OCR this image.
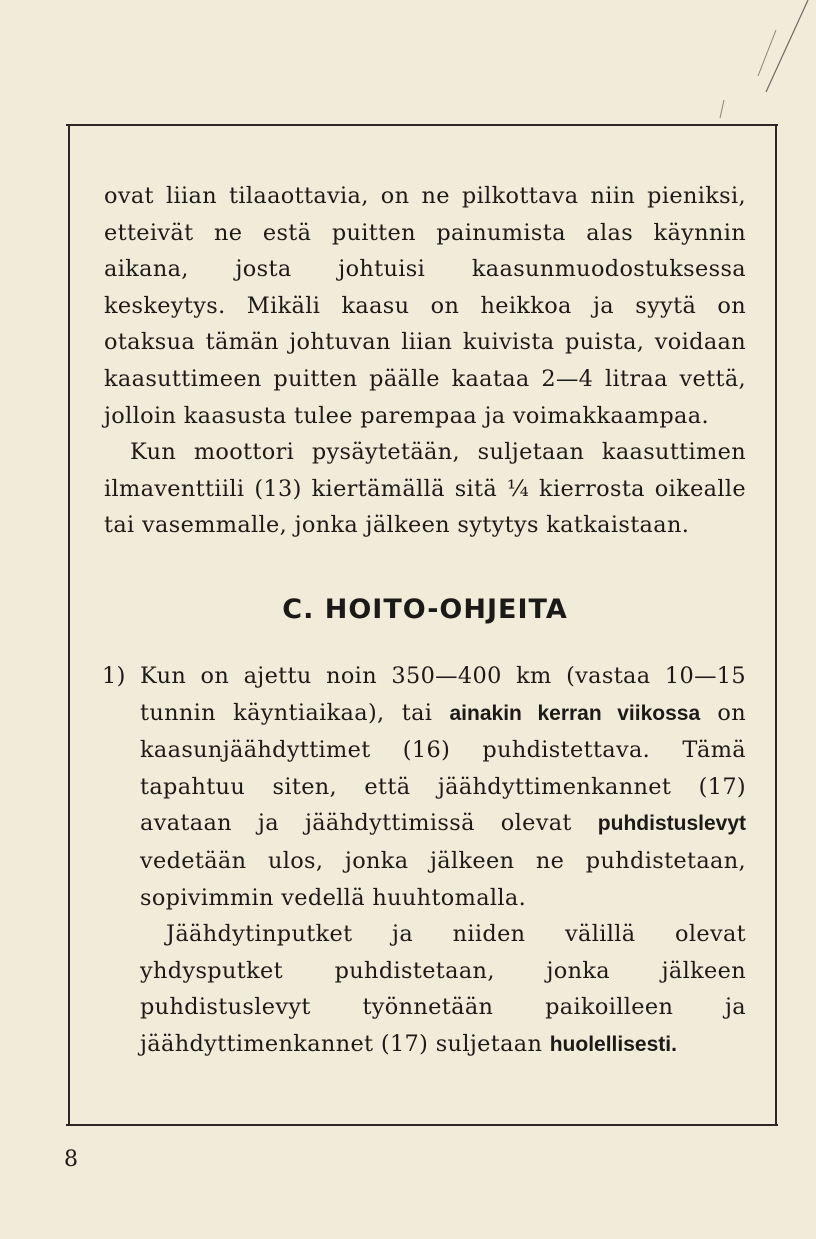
ovat liian tilaaottavia, on ne pilkottava niin pieniksi, etteivät ne estä puitten painumista alas käynnin aikana, josta johtuisi kaasunmuodostuksessa keskeytys. Mikäli kaasu on heikkoa ja syytä on otaksua tämän johtuvan liian kuivista puista, voidaan kaasuttimeen puitten päälle kaataa 2—4 litraa vettä, jolloin kaasusta tulee parempaa ja voimakkaampaa.

Kun moottori pysäytetään, suljetaan kaasuttimen ilmaventtiili (13) kiertämällä sitä ¼ kierrosta oikealle tai vasemmalle, jonka jälkeen sytytys katkaistaan.

C. HOITO-OHJEITA

1) Kun on ajettu noin 350—400 km (vastaa 10—15 tunnin käyntiaikaa), tai ainakin kerran viikossa on kaasunjäähdyttimet (16) puhdistettava. Tämä tapahtuu siten, että jäähdyttimenkannet (17) avataan ja jäähdyttimissä olevat puhdistuslevyt vedetään ulos, jonka jälkeen ne puhdistetaan, sopivimmin vedellä huuhtomalla.

Jäähdytinputket ja niiden välillä olevat yhdysputket puhdistetaan, jonka jälkeen puhdistuslevyt työnnetään paikoilleen ja jäähdyttimenkannet (17) suljetaan huolellisesti.

8
